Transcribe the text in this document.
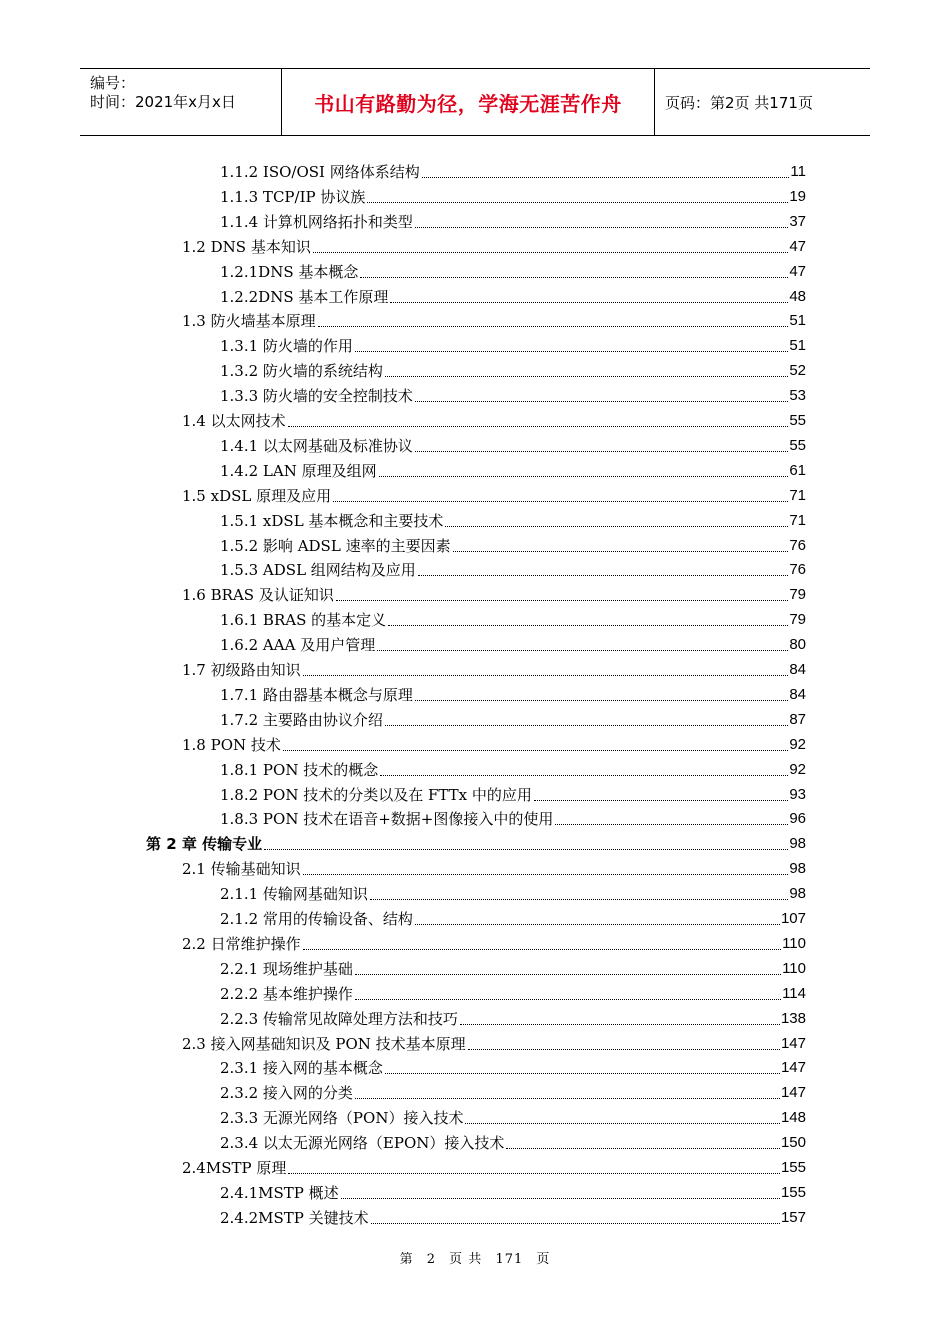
编号：
时间：2021年x月x日	书山有路勤为径，学海无涯苦作舟	页码：第2页 共171页
1.1.2 ISO/OSI 网络体系结构	11
1.1.3 TCP/IP 协议族	19
1.1.4 计算机网络拓扑和类型	37
1.2 DNS 基本知识	47
1.2.1DNS 基本概念	47
1.2.2DNS 基本工作原理	48
1.3 防火墙基本原理	51
1.3.1 防火墙的作用	51
1.3.2 防火墙的系统结构	52
1.3.3 防火墙的安全控制技术	53
1.4 以太网技术	55
1.4.1 以太网基础及标准协议	55
1.4.2 LAN 原理及组网	61
1.5 xDSL 原理及应用	71
1.5.1 xDSL 基本概念和主要技术	71
1.5.2 影响 ADSL 速率的主要因素	76
1.5.3 ADSL 组网结构及应用	76
1.6 BRAS 及认证知识	79
1.6.1 BRAS 的基本定义	79
1.6.2 AAA 及用户管理	80
1.7 初级路由知识	84
1.7.1 路由器基本概念与原理	84
1.7.2 主要路由协议介绍	87
1.8 PON 技术	92
1.8.1 PON 技术的概念	92
1.8.2 PON 技术的分类以及在 FTTx 中的应用	93
1.8.3 PON 技术在语音+数据+图像接入中的使用	96
第 2 章 传输专业	98
2.1 传输基础知识	98
2.1.1 传输网基础知识	98
2.1.2 常用的传输设备、结构	107
2.2 日常维护操作	110
2.2.1 现场维护基础	110
2.2.2 基本维护操作	114
2.2.3 传输常见故障处理方法和技巧	138
2.3 接入网基础知识及 PON 技术基本原理	147
2.3.1 接入网的基本概念	147
2.3.2 接入网的分类	147
2.3.3 无源光网络（PON）接入技术	148
2.3.4 以太无源光网络（EPON）接入技术	150
2.4MSTP 原理	155
2.4.1MSTP 概述	155
2.4.2MSTP 关键技术	157
第 2 页 共 171 页
